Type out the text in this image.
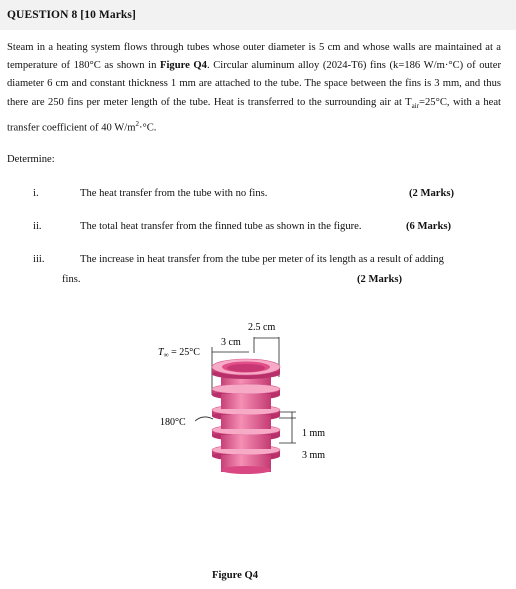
QUESTION 8 [10 Marks]
Steam in a heating system flows through tubes whose outer diameter is 5 cm and whose walls are maintained at a temperature of 180°C as shown in Figure Q4. Circular aluminum alloy (2024-T6) fins (k=186 W/m·°C) of outer diameter 6 cm and constant thickness 1 mm are attached to the tube. The space between the fins is 3 mm, and thus there are 250 fins per meter length of the tube. Heat is transferred to the surrounding air at $T_{air}=25^\circ C$, with a heat transfer coefficient of 40 $W/m^2\cdot^\circ C$.
Determine:
i.	The heat transfer from the tube with no fins.	(2 Marks)
ii.	The total heat transfer from the finned tube as shown in the figure.	(6 Marks)
iii.	The increase in heat transfer from the tube per meter of its length as a result of adding
fins.	(2 Marks)
2.5 cm
3 cm
$T_\infty = 25^\circ C$
180°C
1 mm
3 mm
Figure Q4
